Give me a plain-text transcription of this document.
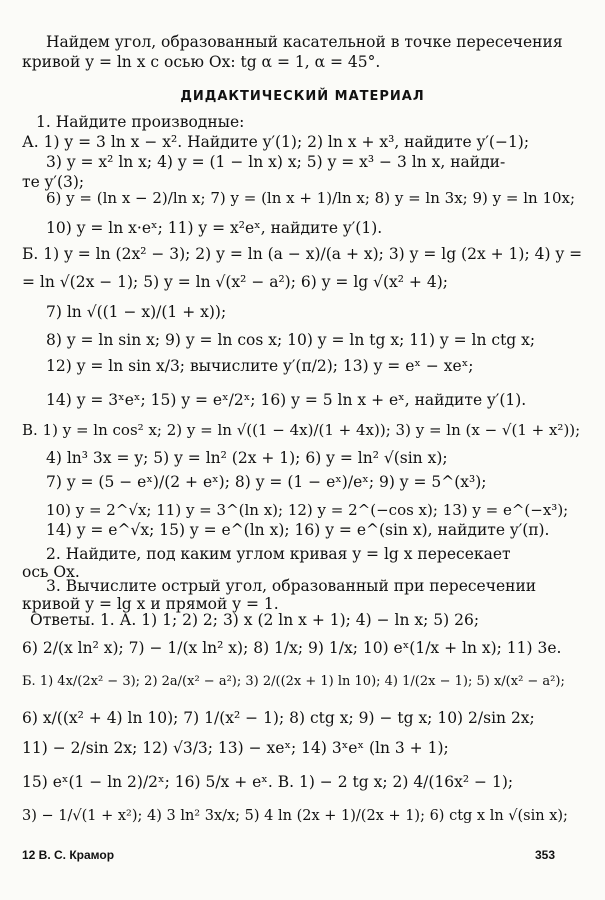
Найдем угол, образованный касательной в точке пересечения
кривой y = ln x с осью Ox: tg α = 1, α = 45°.
ДИДАКТИЧЕСКИЙ МАТЕРИАЛ
1. Найдите производные:
А. 1) y = 3 ln x − x². Найдите y′(1); 2) ln x + x³, найдите y′(−1);
3) y = x² ln x; 4) y = (1 − ln x) x; 5) y = x³ − 3 ln x, найди-
те y′(3);
6) y = (ln x − 2)/ln x; 7) y = (ln x + 1)/ln x; 8) y = ln 3x; 9) y = ln 10x;
10) y = ln x·eˣ; 11) y = x²eˣ, найдите y′(1).
Б. 1) y = ln (2x² − 3); 2) y = ln (a − x)/(a + x); 3) y = lg (2x + 1); 4) y =
= ln √(2x − 1); 5) y = ln √(x² − a²); 6) y = lg √(x² + 4);
7) ln √((1 − x)/(1 + x));
8) y = ln sin x; 9) y = ln cos x; 10) y = ln tg x; 11) y = ln ctg x;
12) y = ln sin x/3; вычислите y′(π/2); 13) y = eˣ − xeˣ;
14) y = 3ˣeˣ; 15) y = eˣ/2ˣ; 16) y = 5 ln x + eˣ, найдите y′(1).
В. 1) y = ln cos² x; 2) y = ln √((1 − 4x)/(1 + 4x)); 3) y = ln (x − √(1 + x²));
4) ln³ 3x = y; 5) y = ln² (2x + 1); 6) y = ln² √(sin x);
7) y = (5 − eˣ)/(2 + eˣ); 8) y = (1 − eˣ)/eˣ; 9) y = 5^(x³);
10) y = 2^√x; 11) y = 3^(ln x); 12) y = 2^(−cos x); 13) y = e^(−x³);
14) y = e^√x; 15) y = e^(ln x); 16) y = e^(sin x), найдите y′(π).
2. Найдите, под каким углом кривая y = lg x пересекает
ось Ox.
3. Вычислите острый угол, образованный при пересечении
кривой y = lg x и прямой y = 1.
Ответы. 1. А. 1) 1; 2) 2; 3) x (2 ln x + 1); 4) − ln x; 5) 26;
6) 2/(x ln² x); 7) − 1/(x ln² x); 8) 1/x; 9) 1/x; 10) eˣ(1/x + ln x); 11) 3e.
Б. 1) 4x/(2x² − 3); 2) 2a/(x² − a²); 3) 2/((2x + 1) ln 10); 4) 1/(2x − 1); 5) x/(x² − a²);
6) x/((x² + 4) ln 10); 7) 1/(x² − 1); 8) ctg x; 9) − tg x; 10) 2/sin 2x;
11) − 2/sin 2x; 12) √3/3; 13) − xeˣ; 14) 3ˣeˣ (ln 3 + 1);
15) eˣ(1 − ln 2)/2ˣ; 16) 5/x + eˣ. В. 1) − 2 tg x; 2) 4/(16x² − 1);
3) − 1/√(1 + x²); 4) 3 ln² 3x/x; 5) 4 ln (2x + 1)/(2x + 1); 6) ctg x ln √(sin x);
12 В. С. Крамор	353
